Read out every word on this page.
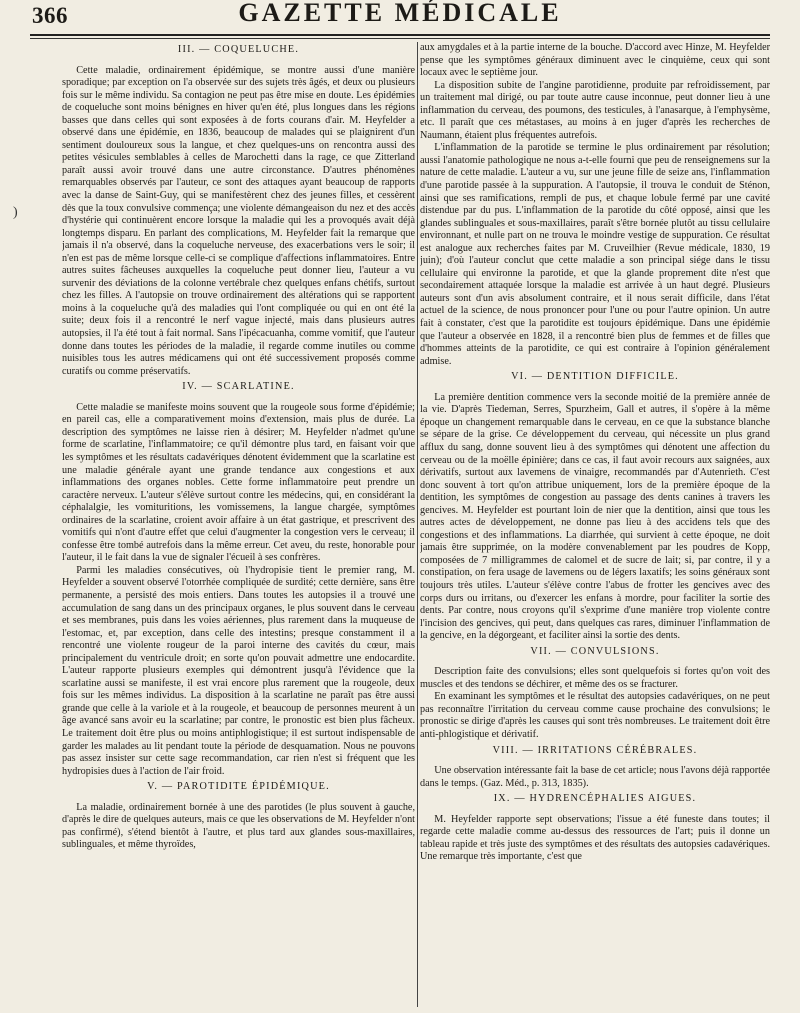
366	GAZETTE MÉDICALE
)
III. — COQUELUCHE.

Cette maladie, ordinairement épidémique, se montre aussi d'une manière sporadique; par exception on l'a observée sur des sujets très âgés, et deux ou plusieurs fois sur le même individu. Sa contagion ne peut pas être mise en doute. Les épidémies de coqueluche sont moins bénignes en hiver qu'en été, plus longues dans les régions basses que dans celles qui sont exposées à de forts courans d'air. M. Heyfelder a observé dans une épidémie, en 1836, beaucoup de malades qui se plaignirent d'un sentiment douloureux sous la langue, et chez quelques-uns on rencontra aussi des petites vésicules semblables à celles de Marochetti dans la rage, ce que Zitterland paraît aussi avoir trouvé dans une autre circonstance. D'autres phénomènes remarquables observés par l'auteur, ce sont des attaques ayant beaucoup de rapports avec la danse de Saint-Guy, qui se manifestèrent chez des jeunes filles, et cessèrent dès que la toux convulsive commença; une violente démangeaison du nez et des accès d'hystérie qui continuèrent encore lorsque la maladie qui les a provoqués avait déjà longtemps disparu. En parlant des complications, M. Heyfelder fait la remarque que jamais il n'a observé, dans la coqueluche nerveuse, des exacerbations vers le soir; il n'en est pas de même lorsque celle-ci se complique d'affections inflammatoires. Entre autres suites fâcheuses auxquelles la coqueluche peut donner lieu, l'auteur a vu survenir des déviations de la colonne vertébrale chez quelques enfans chétifs, surtout chez les filles. A l'autopsie on trouve ordinairement des altérations qui se rapportent moins à la coqueluche qu'à des maladies qui l'ont compliquée ou qui en ont été la suite; deux fois il a rencontré le nerf vague injecté, mais dans plusieurs autres autopsies, il l'a été tout à fait normal. Sans l'ipécacuanha, comme vomitif, que l'auteur donne dans toutes les périodes de la maladie, il regarde comme inutiles ou comme nuisibles tous les autres médicamens qui ont été successivement proposés comme curatifs ou comme préservatifs.

IV. — SCARLATINE.

Cette maladie se manifeste moins souvent que la rougeole sous forme d'épidémie; en pareil cas, elle a comparativement moins d'extension, mais plus de durée. La description des symptômes ne laisse rien à désirer; M. Heyfelder n'admet qu'une forme de scarlatine, l'inflammatoire; ce qu'il démontre plus tard, en faisant voir que les symptômes et les résultats cadavériques dénotent évidemment que la scarlatine est une maladie générale ayant une grande tendance aux congestions et aux inflammations des organes nobles. Cette forme inflammatoire peut prendre un caractère nerveux. L'auteur s'élève surtout contre les médecins, qui, en considérant la céphalalgie, les vomituritions, les vomissemens, la langue chargée, symptômes ordinaires de la scarlatine, croient avoir affaire à un état gastrique, et prescrivent des vomitifs qui n'ont d'autre effet que celui d'augmenter la congestion vers le cerveau; il confesse être tombé autrefois dans la même erreur. Cet aveu, du reste, honorable pour l'auteur, il le fait dans la vue de signaler l'écueil à ses confrères.

Parmi les maladies consécutives, où l'hydropisie tient le premier rang, M. Heyfelder a souvent observé l'otorrhée compliquée de surdité; cette dernière, sans être permanente, a persisté des mois entiers. Dans toutes les autopsies il a trouvé une accumulation de sang dans un des principaux organes, le plus souvent dans le cerveau et ses membranes, puis dans les voies aériennes, plus rarement dans la muqueuse de l'estomac, et, par exception, dans celle des intestins; presque constamment il a rencontré une violente rougeur de la paroi interne des cavités du cœur, mais principalement du ventricule droit; en sorte qu'on pouvait admettre une endocardite. L'auteur rapporte plusieurs exemples qui démontrent jusqu'à l'évidence que la scarlatine aussi se manifeste, il est vrai encore plus rarement que la rougeole, deux fois sur les mêmes individus. La disposition à la scarlatine ne paraît pas être aussi grande que celle à la variole et à la rougeole, et beaucoup de personnes meurent à un âge avancé sans avoir eu la scarlatine; par contre, le pronostic est bien plus fâcheux. Le traitement doit être plus ou moins antiphlogistique; il est surtout indispensable de garder les malades au lit pendant toute la période de desquamation. Nous ne pouvons pas assez insister sur cette sage recommandation, car rien n'est si fréquent que les hydropisies dues à l'action de l'air froid.

V. — PAROTIDITE ÉPIDÉMIQUE.

La maladie, ordinairement bornée à une des parotides (le plus souvent à gauche, d'après le dire de quelques auteurs, mais ce que les observations de M. Heyfelder n'ont pas confirmé), s'étend bientôt à l'autre, et plus tard aux glandes sous-maxillaires, sublinguales, et même thyroïdes,

aux amygdales et à la partie interne de la bouche. D'accord avec Hinze, M. Heyfelder pense que les symptômes généraux diminuent avec le cinquième, ceux qui sont locaux avec le septième jour.

La disposition subite de l'angine parotidienne, produite par refroidissement, par un traitement mal dirigé, ou par toute autre cause inconnue, peut donner lieu à une inflammation du cerveau, des poumons, des testicules, à l'anasarque, à l'emphysème, etc. Il paraît que ces métastases, au moins à en juger d'après les recherches de Naumann, étaient plus fréquentes autrefois.

L'inflammation de la parotide se termine le plus ordinairement par résolution; aussi l'anatomie pathologique ne nous a-t-elle fourni que peu de renseignemens sur la nature de cette maladie. L'auteur a vu, sur une jeune fille de seize ans, l'inflammation d'une parotide passée à la suppuration. A l'autopsie, il trouva le conduit de Sténon, ainsi que ses ramifications, rempli de pus, et chaque lobule fermé par une cavité distendue par du pus. L'inflammation de la parotide du côté opposé, ainsi que les glandes sublinguales et sous-maxillaires, paraît s'être bornée plutôt au tissu cellulaire environnant, et nulle part on ne trouva le moindre vestige de suppuration. Ce résultat est analogue aux recherches faites par M. Cruveilhier (Revue médicale, 1830, 19 juin); d'où l'auteur conclut que cette maladie a son principal siége dans le tissu cellulaire qui environne la parotide, et que la glande proprement dite n'est que secondairement attaquée lorsque la maladie est arrivée à un haut degré. Plusieurs auteurs sont d'un avis absolument contraire, et il nous serait difficile, dans l'état actuel de la science, de nous prononcer pour l'une ou pour l'autre opinion. Un autre fait à constater, c'est que la parotidite est toujours épidémique. Dans une épidémie que l'auteur a observée en 1828, il a rencontré bien plus de femmes et de filles que d'hommes atteints de la parotidite, ce qui est contraire à l'opinion généralement admise.

VI. — DENTITION DIFFICILE.

La première dentition commence vers la seconde moitié de la première année de la vie. D'après Tiedeman, Serres, Spurzheim, Gall et autres, il s'opère à la même époque un changement remarquable dans le cerveau, en ce que la substance blanche se sépare de la grise. Ce développement du cerveau, qui nécessite un plus grand afflux du sang, donne souvent lieu à des symptômes qui dénotent une affection du cerveau ou de la moëlle épinière; dans ce cas, il faut avoir recours aux saignées, aux dérivatifs, surtout aux lavemens de vinaigre, recommandés par d'Autenrieth. C'est donc souvent à tort qu'on attribue uniquement, lors de la première époque de la dentition, les symptômes de congestion au passage des dents canines à travers les gencives. M. Heyfelder est pourtant loin de nier que la dentition, ainsi que tous les autres actes de développement, ne donne pas lieu à des accidens tels que des congestions et des inflammations. La diarrhée, qui survient à cette époque, ne doit jamais être supprimée, on la modère convenablement par les poudres de Kopp, composées de 7 milligrammes de calomel et de sucre de lait; si, par contre, il y a constipation, on fera usage de lavemens ou de légers laxatifs; les soins généraux sont toujours très utiles. L'auteur s'élève contre l'abus de frotter les gencives avec des corps durs ou irritans, ou d'exercer les enfans à mordre, pour faciliter la sortie des dents. Par contre, nous croyons qu'il s'exprime d'une manière trop violente contre l'incision des gencives, qui peut, dans quelques cas rares, diminuer l'inflammation de la gencive, en la dégorgeant, et faciliter ainsi la sortie des dents.

VII. — CONVULSIONS.

Description faite des convulsions; elles sont quelquefois si fortes qu'on voit des muscles et des tendons se déchirer, et même des os se fracturer.

En examinant les symptômes et le résultat des autopsies cadavériques, on ne peut pas reconnaître l'irritation du cerveau comme cause prochaine des convulsions; le pronostic se dirige d'après les causes qui sont très nombreuses. Le traitement doit être anti-phlogistique et dérivatif.

VIII. — IRRITATIONS CÉRÉBRALES.

Une observation intéressante fait la base de cet article; nous l'avons déjà rapportée dans le temps. (Gaz. Méd., p. 313, 1835).

IX. — HYDRENCÉPHALIES AIGUES.

M. Heyfelder rapporte sept observations; l'issue a été funeste dans toutes; il regarde cette maladie comme au-dessus des ressources de l'art; puis il donne un tableau rapide et très juste des symptômes et des résultats des autopsies cadavériques. Une remarque très importante, c'est que
